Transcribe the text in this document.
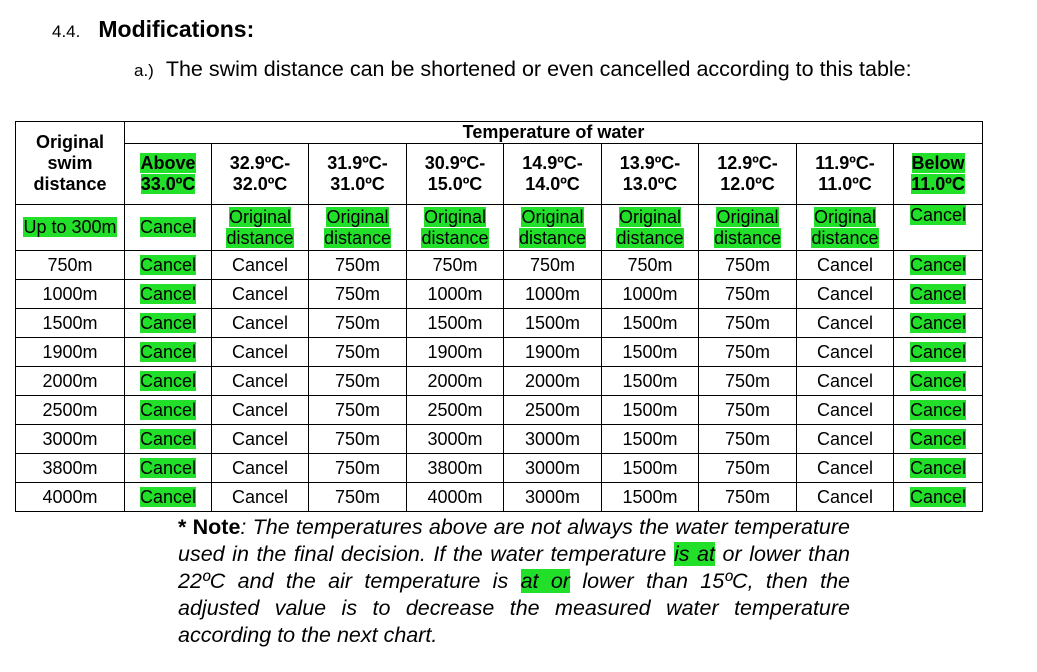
4.4. Modifications:
a.) The swim distance can be shortened or even cancelled according to this table:
Original swim distance	Temperature of water								
	Above 33.0ºC	32.9ºC-32.0ºC	31.9ºC-31.0ºC	30.9ºC-15.0ºC	14.9ºC-14.0ºC	13.9ºC-13.0ºC	12.9ºC-12.0ºC	11.9ºC-11.0ºC	Below 11.0ºC
Up to 300m	Cancel	Original distance	Original distance	Original distance	Original distance	Original distance	Original distance	Original distance	Cancel
750m	Cancel	Cancel	750m	750m	750m	750m	750m	Cancel	Cancel
1000m	Cancel	Cancel	750m	1000m	1000m	1000m	750m	Cancel	Cancel
1500m	Cancel	Cancel	750m	1500m	1500m	1500m	750m	Cancel	Cancel
1900m	Cancel	Cancel	750m	1900m	1900m	1500m	750m	Cancel	Cancel
2000m	Cancel	Cancel	750m	2000m	2000m	1500m	750m	Cancel	Cancel
2500m	Cancel	Cancel	750m	2500m	2500m	1500m	750m	Cancel	Cancel
3000m	Cancel	Cancel	750m	3000m	3000m	1500m	750m	Cancel	Cancel
3800m	Cancel	Cancel	750m	3800m	3000m	1500m	750m	Cancel	Cancel
4000m	Cancel	Cancel	750m	4000m	3000m	1500m	750m	Cancel	Cancel
* Note: The temperatures above are not always the water temperature used in the final decision. If the water temperature is at or lower than 22ºC and the air temperature is at or lower than 15ºC, then the adjusted value is to decrease the measured water temperature according to the next chart.
